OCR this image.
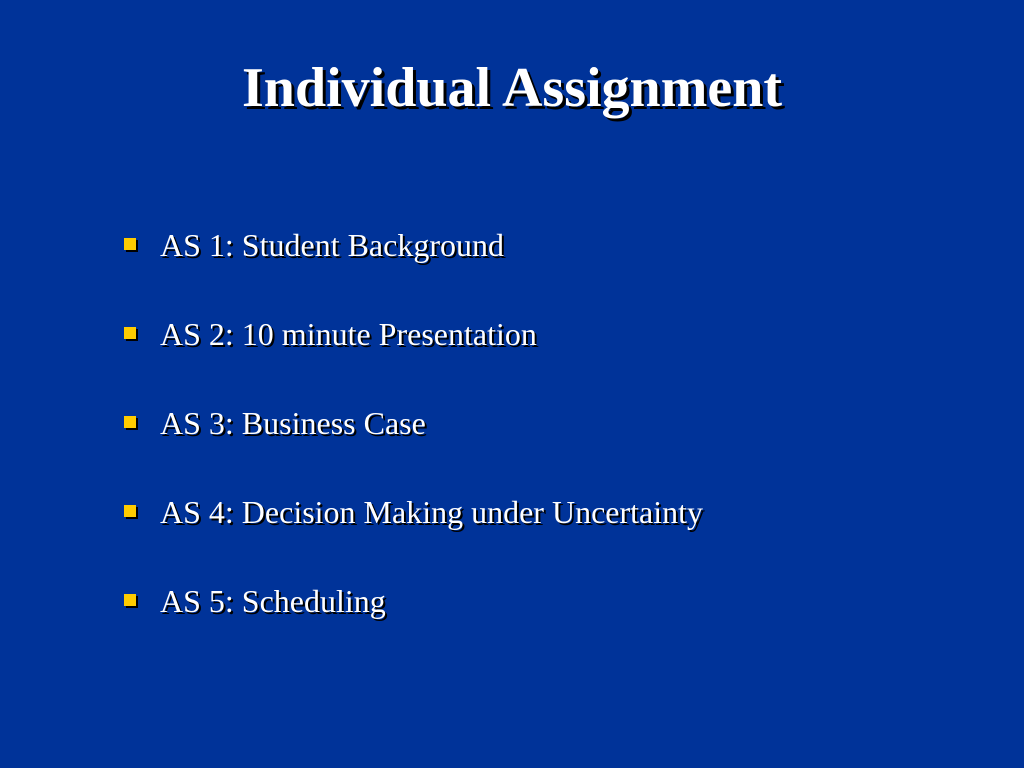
Individual Assignment
AS 1: Student Background
AS 2: 10 minute Presentation
AS 3: Business Case
AS 4: Decision Making under Uncertainty
AS 5: Scheduling
